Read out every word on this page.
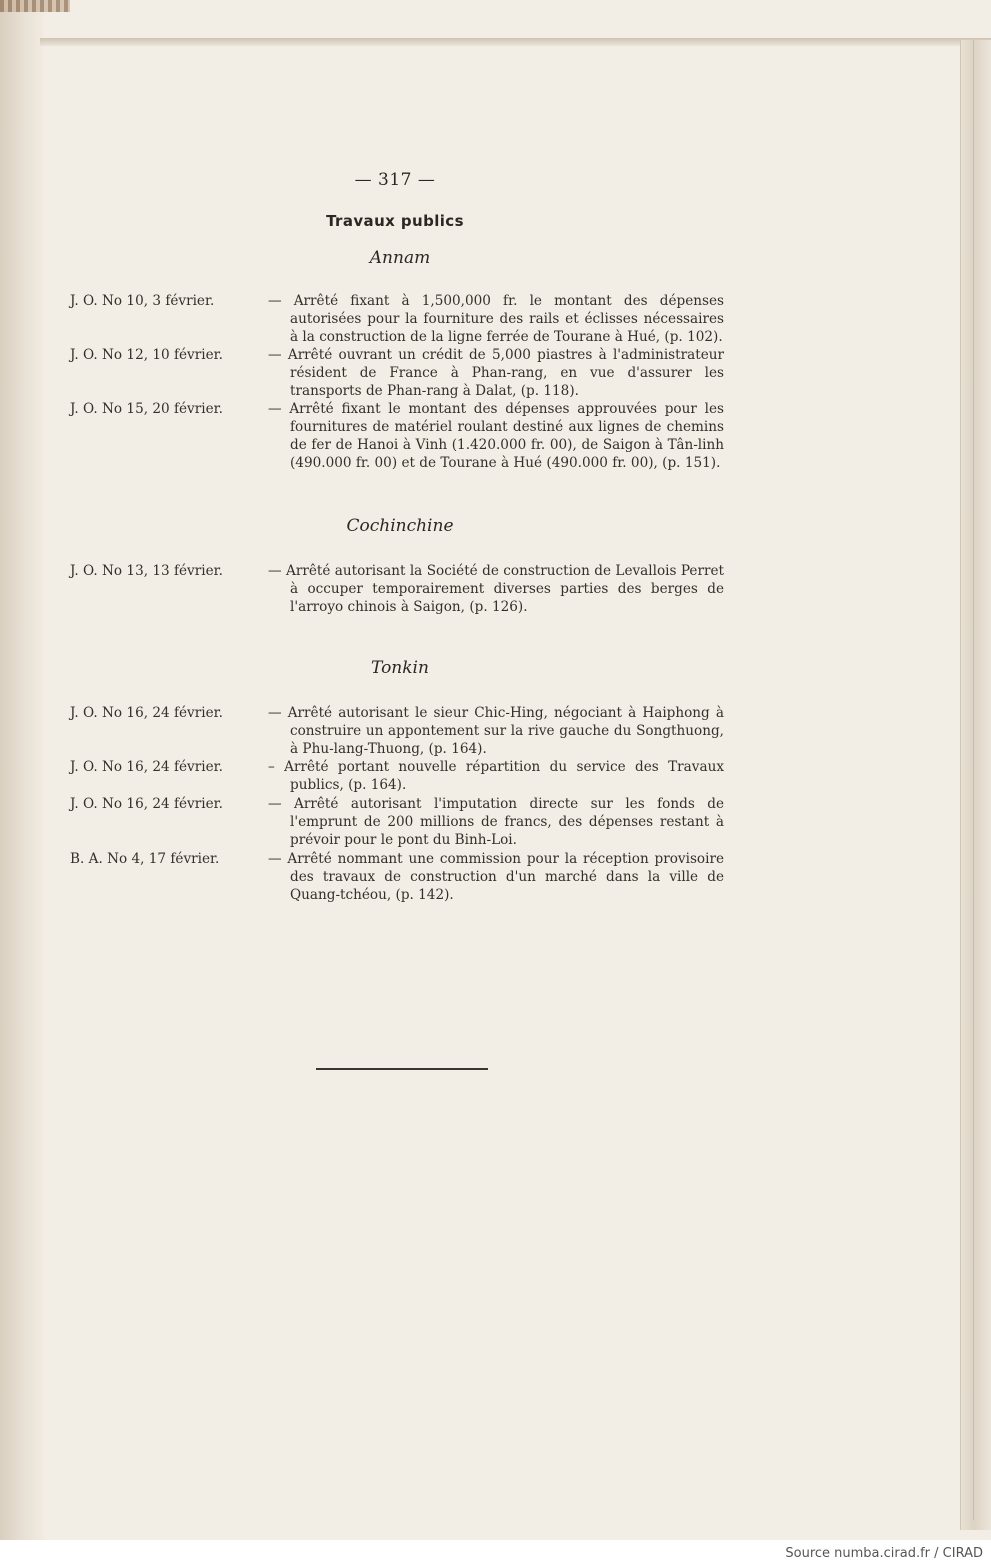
— 317 —
Travaux publics
Annam
J. O. No 10, 3 février.	— Arrêté fixant à 1,500,000 fr. le montant des dépenses autorisées pour la fourniture des rails et éclisses nécessaires à la construction de la ligne ferrée de Tourane à Hué, (p. 102).
J. O. No 12, 10 février.	— Arrêté ouvrant un crédit de 5,000 piastres à l'administrateur résident de France à Phan-rang, en vue d'assurer les transports de Phan-rang à Dalat, (p. 118).
J. O. No 15, 20 février.	— Arrêté fixant le montant des dépenses approuvées pour les fournitures de matériel roulant destiné aux lignes de chemins de fer de Hanoi à Vinh (1.420.000 fr. 00), de Saigon à Tân-linh (490.000 fr. 00) et de Tourane à Hué (490.000 fr. 00), (p. 151).
Cochinchine
J. O. No 13, 13 février.	— Arrêté autorisant la Société de construction de Levallois Perret à occuper temporairement diverses parties des berges de l'arroyo chinois à Saigon, (p. 126).
Tonkin
J. O. No 16, 24 février.	— Arrêté autorisant le sieur Chic-Hing, négociant à Haiphong à construire un appontement sur la rive gauche du Songthuong, à Phu-lang-Thuong, (p. 164).
J. O. No 16, 24 février.	– Arrêté portant nouvelle répartition du service des Travaux publics, (p. 164).
J. O. No 16, 24 février.	— Arrêté autorisant l'imputation directe sur les fonds de l'emprunt de 200 millions de francs, des dépenses restant à prévoir pour le pont du Binh-Loi.
B. A. No 4, 17 février.	— Arrêté nommant une commission pour la réception provisoire des travaux de construction d'un marché dans la ville de Quang-tchéou, (p. 142).
Source numba.cirad.fr / CIRAD
